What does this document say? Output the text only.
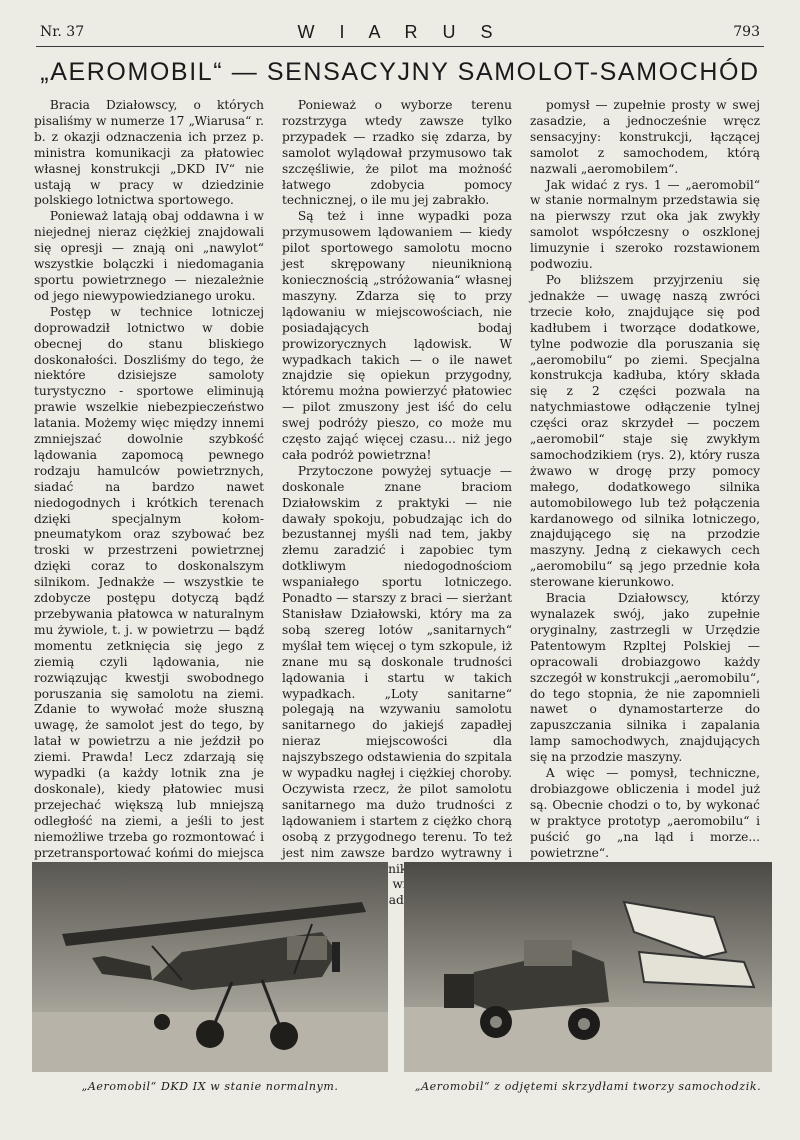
Nr. 37	W I A R U S	793
„AEROMOBIL“ — SENSACYJNY SAMOLOT-SAMOCHÓD

Bracia Działowscy, o których pisaliśmy w numerze 17 „Wiarusa“ r. b. z okazji odznaczenia ich przez p. ministra komunikacji za płatowiec własnej konstrukcji „DKD IV“ nie ustają w pracy w dziedzinie polskiego lotnictwa sportowego.

Ponieważ latają obaj oddawna i w niejednej nieraz ciężkiej znajdowali się opresji — znają oni „nawylot“ wszystkie bolączki i niedomagania sportu powietrznego — niezależnie od jego niewypowiedzianego uroku.

Postęp w technice lotniczej doprowadził lotnictwo w dobie obecnej do stanu bliskiego doskonałości. Doszliśmy do tego, że niektóre dzisiejsze samoloty turystyczno - sportowe eliminują prawie wszelkie niebezpieczeństwo latania. Możemy więc między innemi zmniejszać dowolnie szybkość lądowania zapomocą pewnego rodzaju hamulców powietrznych, siadać na bardzo nawet niedogodnych i krótkich terenach dzięki specjalnym kołom-pneumatykom oraz szybować bez troski w przestrzeni powietrznej dzięki coraz to doskonalszym silnikom. Jednakże — wszystkie te zdobycze postępu dotyczą bądź przebywania płatowca w naturalnym mu żywiole, t. j. w powietrzu — bądź momentu zetknięcia się jego z ziemią czyli lądowania, nie rozwiązując kwestji swobodnego poruszania się samolotu na ziemi. Zdanie to wywołać może słuszną uwagę, że samolot jest do tego, by latał w powietrzu a nie jeździł po ziemi. Prawda! Lecz zdarzają się wypadki (a każdy lotnik zna je doskonale), kiedy płatowiec musi przejechać większą lub mniejszą odległość na ziemi, a jeśli to jest niemożliwe trzeba go rozmontować i przetransportować końmi do miejsca

Ponieważ o wyborze terenu rozstrzyga wtedy zawsze tylko przypadek — rzadko się zdarza, by samolot wylądował przymusowo tak szczęśliwie, że pilot ma możność łatwego zdobycia pomocy technicznej, o ile mu jej zabrakło.

Są też i inne wypadki poza przymusowem lądowaniem — kiedy pilot sportowego samolotu mocno jest skrępowany nieuniknioną koniecznością „stróżowania“ własnej maszyny. Zdarza się to przy lądowaniu w miejscowościach, nie posiadających bodaj prowizorycznych lądowisk. W wypadkach takich — o ile nawet znajdzie się opiekun przygodny, któremu można powierzyć płatowiec — pilot zmuszony jest iść do celu swej podróży pieszo, co może mu często zająć więcej czasu... niż jego cała podróż powietrzna!

Przytoczone powyżej sytuacje — doskonale znane braciom Działowskim z praktyki — nie dawały spokoju, pobudzając ich do bezustannej myśli nad tem, jakby złemu zaradzić i zapobiec tym dotkliwym niedogodnościom wspaniałego sportu lotniczego. Ponadto — starszy z braci — sierżant Stanisław Działowski, który ma za sobą szereg lotów „sanitarnych“ myślał tem więcej o tym szkopule, iż znane mu są doskonale trudności lądowania i startu w takich wypadkach. „Loty sanitarne“ polegają na wzywaniu samolotu sanitarnego do jakiejś zapadłej nieraz miejscowości dla najszybszego odstawienia do szpitala w wypadku nagłej i ciężkiej choroby. Oczywista rzecz, że pilot samolotu sanitarnego ma dużo trudności z lądowaniem i startem z ciężko chorą osobą z przygodnego terenu. To też jest nim zawsze bardzo wytrawny i lotnik.

wpadli

pomysł — zupełnie prosty w swej zasadzie, a jednocześnie wręcz sensacyjny: konstrukcji, łączącej samolot z samochodem, którą nazwali „aeromobilem“.

Jak widać z rys. 1 — „aeromobil“ w stanie normalnym przedstawia się na pierwszy rzut oka jak zwykły samolot współczesny o oszklonej limuzynie i szeroko rozstawionem podwoziu.

Po bliższem przyjrzeniu się jednakże — uwagę naszą zwróci trzecie koło, znajdujące się pod kadłubem i tworzące dodatkowe, tylne podwozie dla poruszania się „aeromobilu“ po ziemi. Specjalna konstrukcja kadłuba, który składa się z 2 części pozwala na natychmiastowe odłączenie tylnej części oraz skrzydeł — poczem „aeromobil“ staje się zwykłym samochodzikiem (rys. 2), który rusza żwawo w drogę przy pomocy małego, dodatkowego silnika automobilowego lub też połączenia kardanowego od silnika lotniczego, znajdującego się na przodzie maszyny. Jedną z ciekawych cech „aeromobilu“ są jego przednie koła sterowane kierunkowo.

Bracia Działowscy, którzy wynalazek swój, jako zupełnie oryginalny, zastrzegli w Urzędzie Patentowym Rzpltej Polskiej — opracowali drobiazgowo każdy szczegół w konstrukcji „aeromobilu“, do tego stopnia, że nie zapomnieli nawet o dynamostarterze do zapuszczania silnika i zapalania lamp samochodwych, znajdujących się na przodzie maszyny.

A więc — pomysł, techniczne, drobiazgowe obliczenia i model już są. Obecnie chodzi o to, by wykonać w praktyce prototyp „aeromobilu“ i puścić go „na ląd i morze... powietrzne“.

„Aeromobil“ DKD IX w stanie normalnym.	„Aeromobil“ z odjętemi skrzydłami tworzy samochodzik.
